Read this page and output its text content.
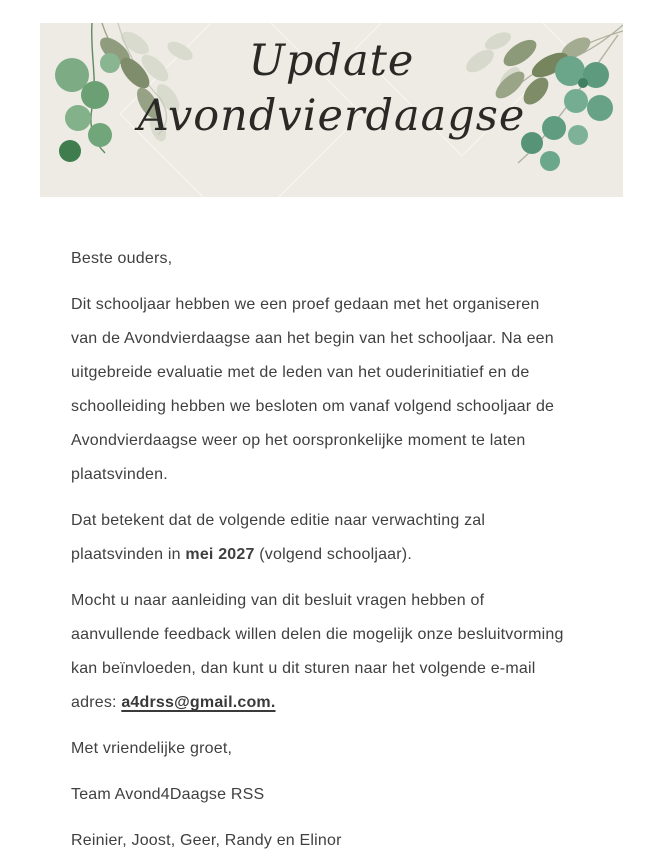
Update
Avondvierdaagse
Beste ouders,
Dit schooljaar hebben we een proef gedaan met het organiseren
van de Avondvierdaagse aan het begin van het schooljaar. Na een
uitgebreide evaluatie met de leden van het ouderinitiatief en de
schoolleiding hebben we besloten om vanaf volgend schooljaar de
Avondvierdaagse weer op het oorspronkelijke moment te laten
plaatsvinden.
Dat betekent dat de volgende editie naar verwachting zal
plaatsvinden in mei 2027 (volgend schooljaar).
Mocht u naar aanleiding van dit besluit vragen hebben of
aanvullende feedback willen delen die mogelijk onze besluitvorming
kan beïnvloeden, dan kunt u dit sturen naar het volgende e-mail
adres: a4drss@gmail.com.
Met vriendelijke groet,
Team Avond4Daagse RSS
Reinier, Joost, Geer, Randy en Elinor
